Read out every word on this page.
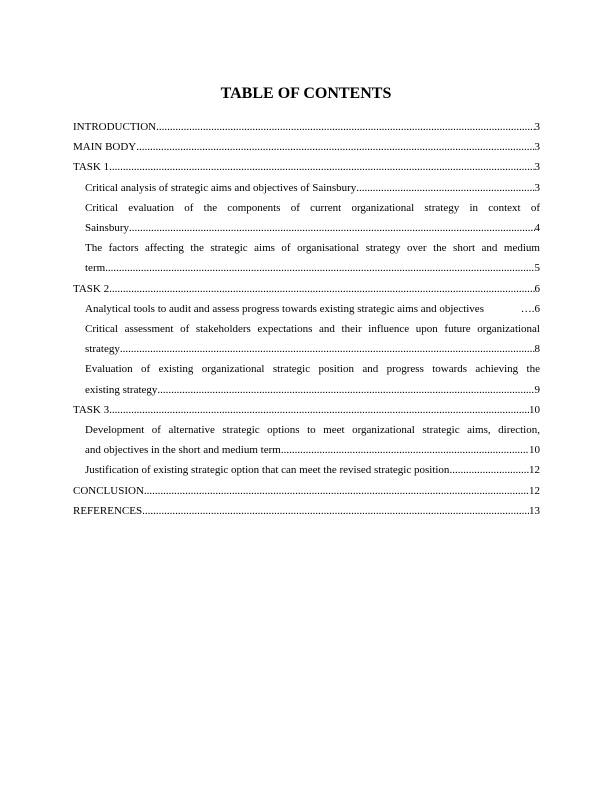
TABLE OF CONTENTS
INTRODUCTION .....	3
MAIN BODY .....	3
TASK 1 .....	3
Critical analysis of strategic aims and objectives of Sainsbury .....	3
Critical evaluation of the components of current organizational strategy in context of
Sainsbury .....	4
The factors affecting the strategic aims of organisational strategy over the short and medium
term .....	5
TASK 2 .....	6
Analytical tools to audit and assess progress towards existing strategic aims and objectives	…. 6
Critical assessment of stakeholders expectations and their influence upon future organizational
strategy .....	8
Evaluation of existing organizational strategic position and progress towards achieving the
existing strategy .....	9
TASK 3 .....	10
Development of alternative strategic options to meet organizational strategic aims, direction,
and objectives in the short and medium term .....	10
Justification of existing strategic option that can meet the revised strategic position .....	12
CONCLUSION .....	12
REFERENCES .....	13
